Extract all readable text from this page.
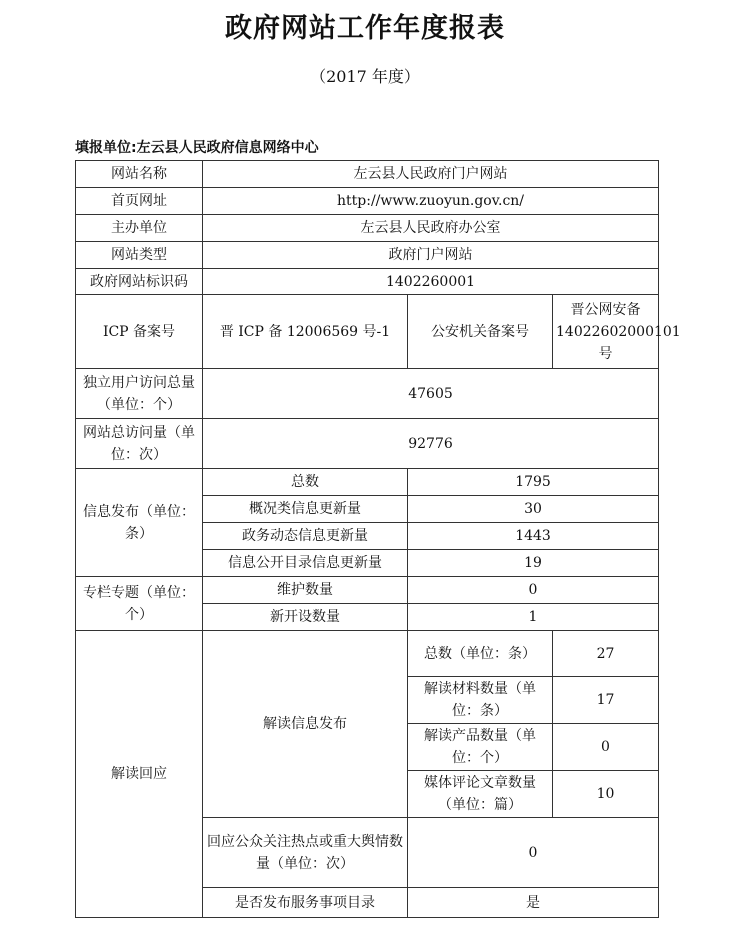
政府网站工作年度报表
（2017 年度）
填报单位:左云县人民政府信息网络中心
网站名称	左云县人民政府门户网站		
首页网址	http://www.zuoyun.gov.cn/		
主办单位	左云县人民政府办公室		
网站类型	政府门户网站		
政府网站标识码	1402260001		
ICP 备案号	晋 ICP 备 12006569 号-1	公安机关备案号	晋公网安备14022602000101 号
独立用户访问总量（单位：个）	47605		
网站总访问量（单位：次）	92776		
信息发布（单位：条）	总数	1795	
	概况类信息更新量	30	
	政务动态信息更新量	1443	
	信息公开目录信息更新量	19	
专栏专题（单位：个）	维护数量	0	
	新开设数量	1	
解读回应	解读信息发布	总数（单位：条）	27
		解读材料数量（单位：条）	17
		解读产品数量（单位：个）	0
		媒体评论文章数量（单位：篇）	10
	回应公众关注热点或重大舆情数量（单位：次）	0	
	是否发布服务事项目录	是	
